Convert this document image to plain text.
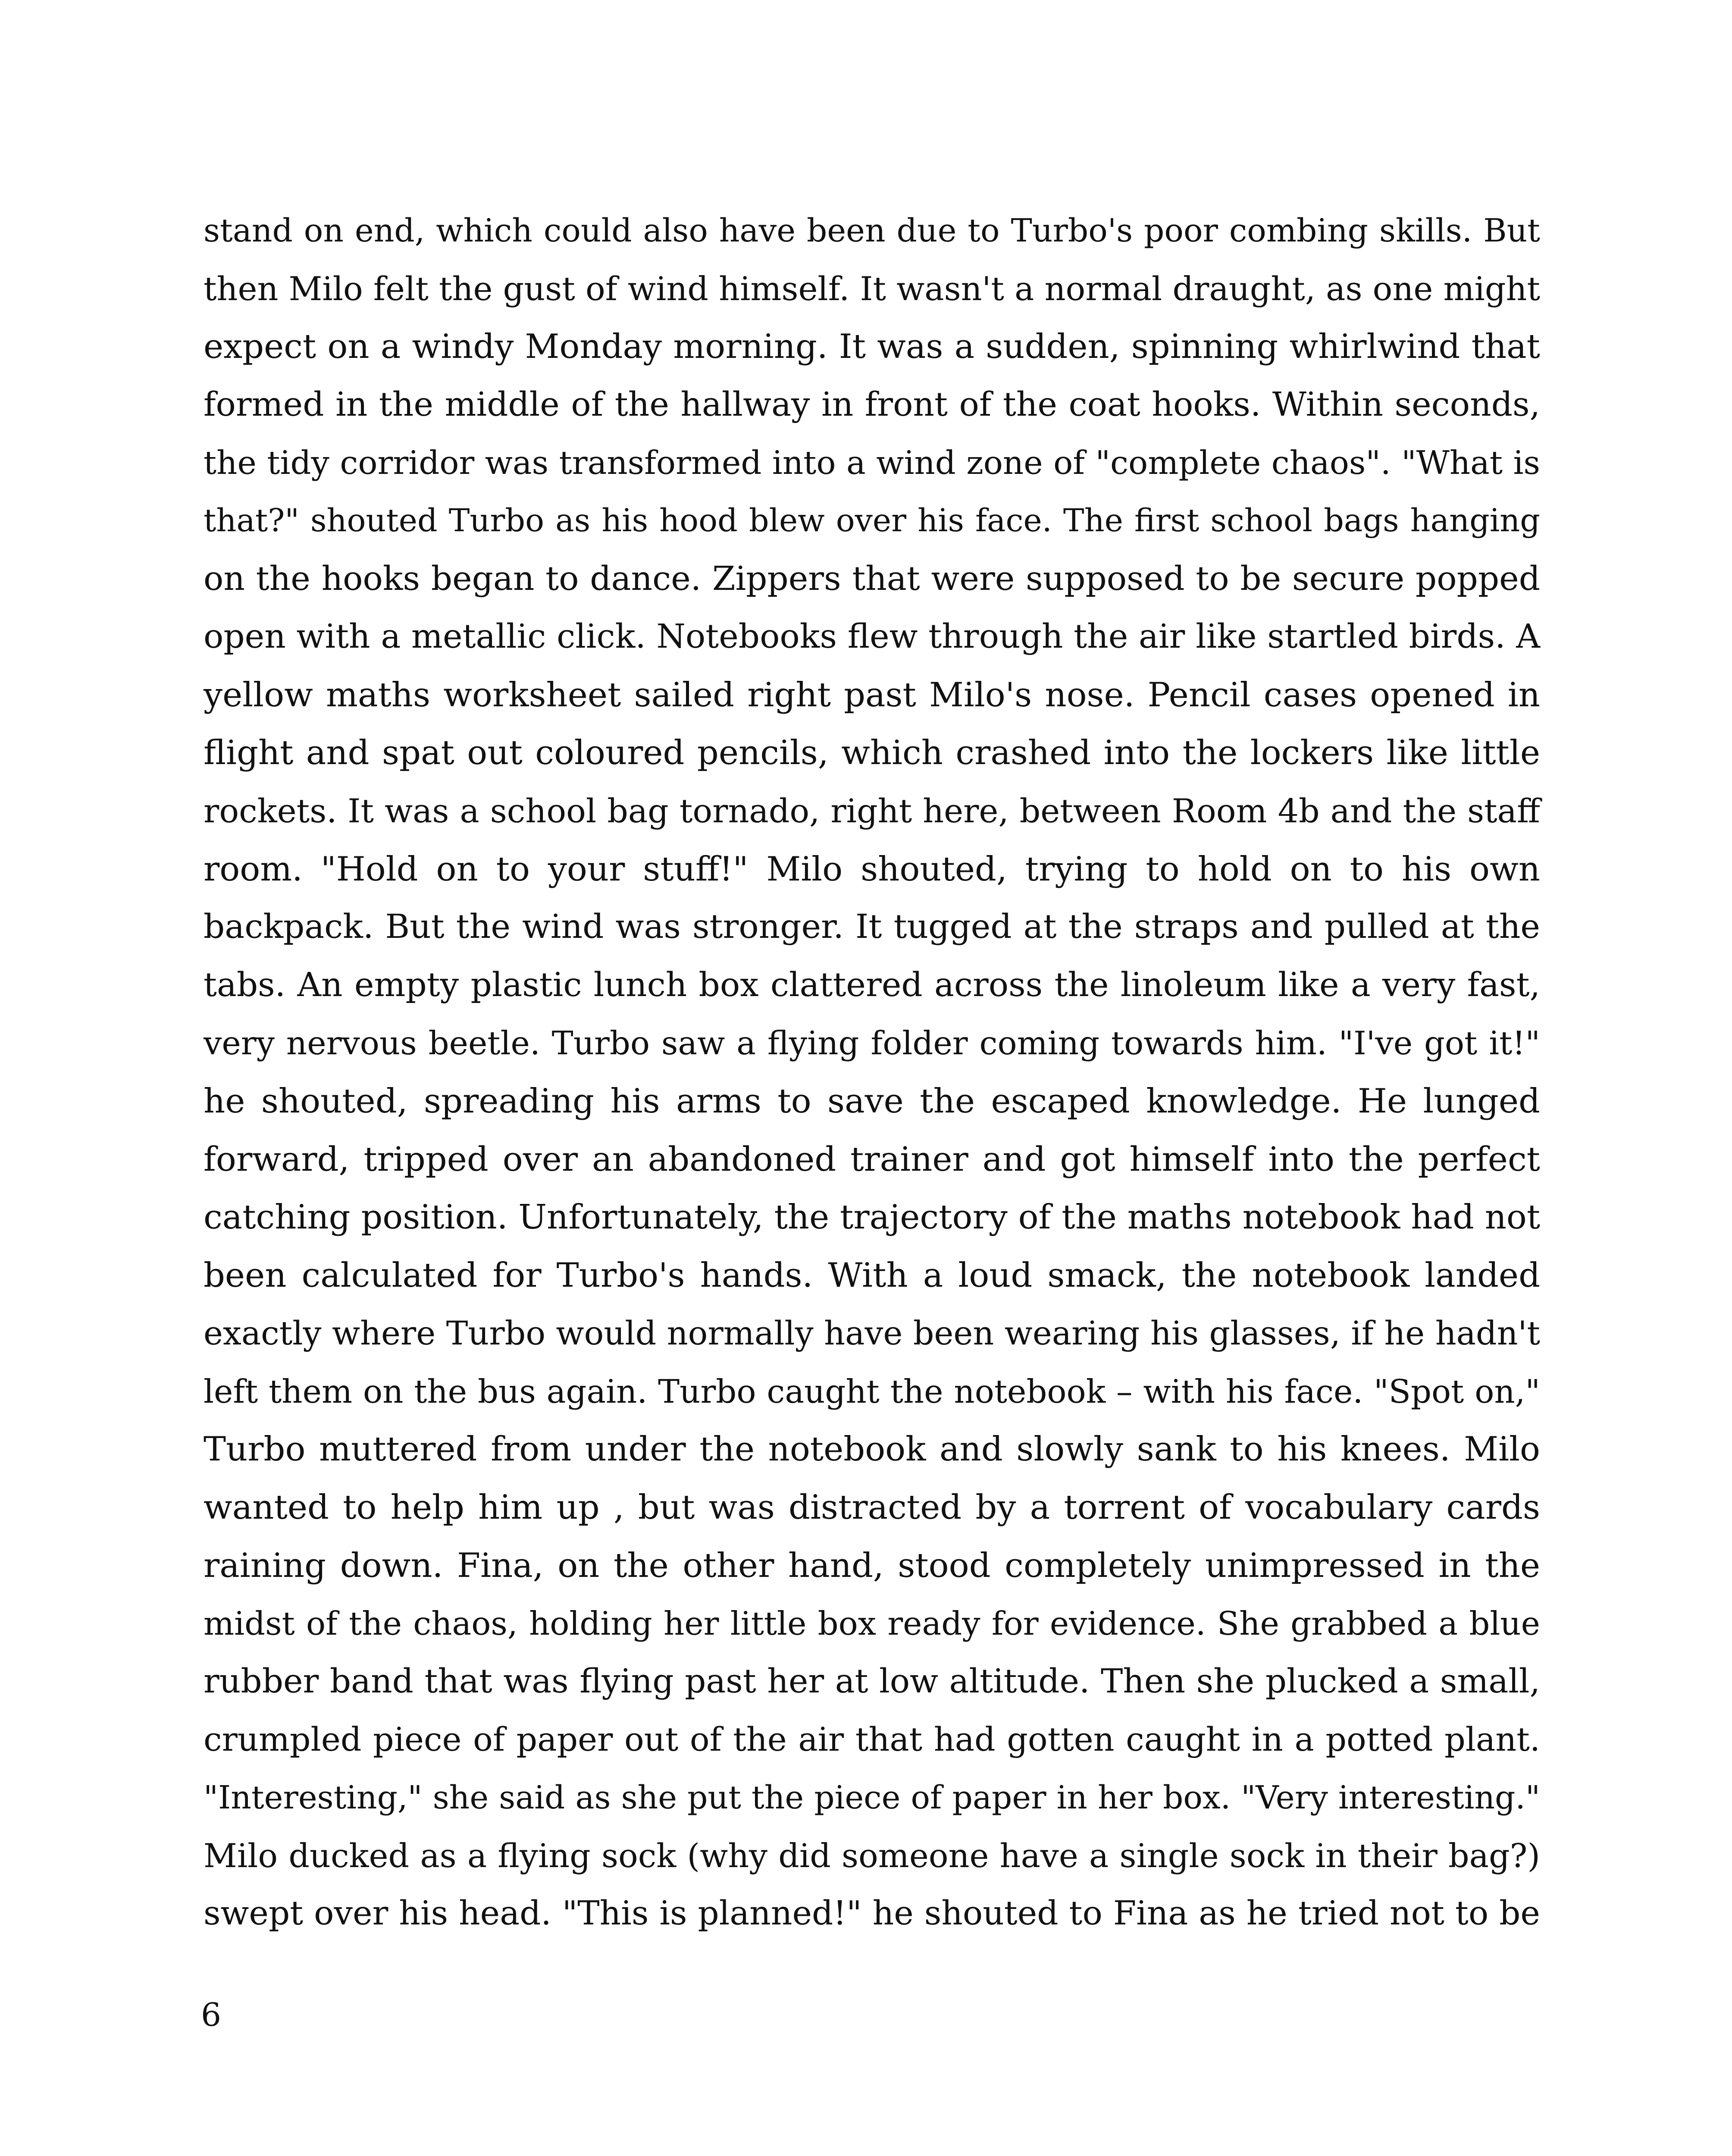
stand on end, which could also have been due to Turbo's poor combing skills. But
then Milo felt the gust of wind himself. It wasn't a normal draught, as one might
expect on a windy Monday morning. It was a sudden, spinning whirlwind that
formed in the middle of the hallway in front of the coat hooks. Within seconds,
the tidy corridor was transformed into a wind zone of "complete chaos". "What is
that?" shouted Turbo as his hood blew over his face. The first school bags hanging
on the hooks began to dance. Zippers that were supposed to be secure popped
open with a metallic click. Notebooks flew through the air like startled birds. A
yellow maths worksheet sailed right past Milo's nose. Pencil cases opened in
flight and spat out coloured pencils, which crashed into the lockers like little
rockets. It was a school bag tornado, right here, between Room 4b and the staff
room. "Hold on to your stuff!" Milo shouted, trying to hold on to his own
backpack. But the wind was stronger. It tugged at the straps and pulled at the
tabs. An empty plastic lunch box clattered across the linoleum like a very fast,
very nervous beetle. Turbo saw a flying folder coming towards him. "I've got it!"
he shouted, spreading his arms to save the escaped knowledge. He lunged
forward, tripped over an abandoned trainer and got himself into the perfect
catching position. Unfortunately, the trajectory of the maths notebook had not
been calculated for Turbo's hands. With a loud smack, the notebook landed
exactly where Turbo would normally have been wearing his glasses, if he hadn't
left them on the bus again. Turbo caught the notebook – with his face. "Spot on,"
Turbo muttered from under the notebook and slowly sank to his knees. Milo
wanted to help him up , but was distracted by a torrent of vocabulary cards
raining down. Fina, on the other hand, stood completely unimpressed in the
midst of the chaos, holding her little box ready for evidence. She grabbed a blue
rubber band that was flying past her at low altitude. Then she plucked a small,
crumpled piece of paper out of the air that had gotten caught in a potted plant.
"Interesting," she said as she put the piece of paper in her box. "Very interesting."
Milo ducked as a flying sock (why did someone have a single sock in their bag?)
swept over his head. "This is planned!" he shouted to Fina as he tried not to be

6
